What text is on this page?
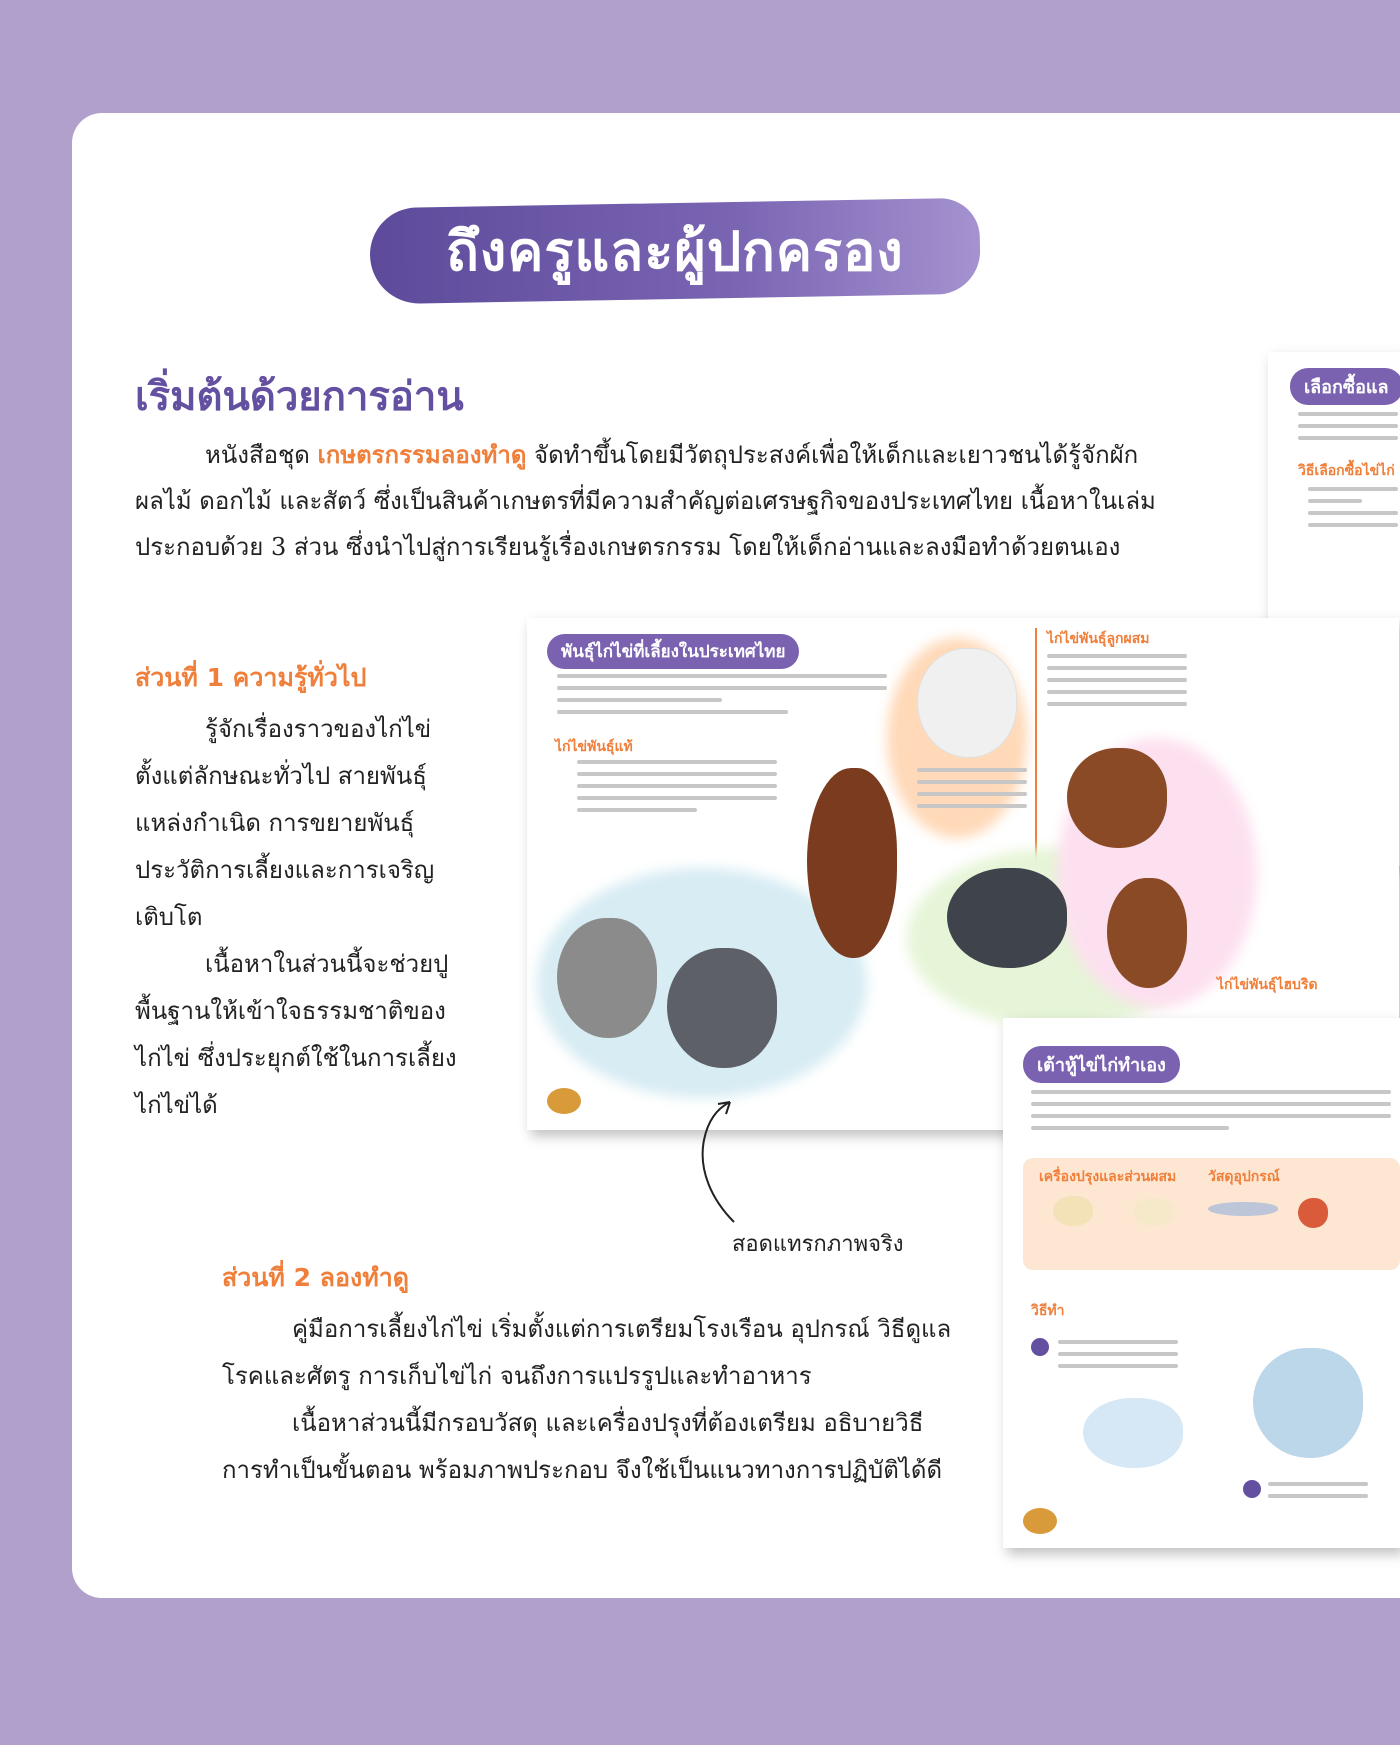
ถึงครูและผู้ปกครอง
เริ่มต้นด้วยการอ่าน
หนังสือชุด เกษตรกรรมลองทำดู จัดทำขึ้นโดยมีวัตถุประสงค์เพื่อให้เด็กและเยาวชนได้รู้จักผัก
ผลไม้ ดอกไม้ และสัตว์ ซึ่งเป็นสินค้าเกษตรที่มีความสำคัญต่อเศรษฐกิจของประเทศไทย เนื้อหาในเล่ม
ประกอบด้วย 3 ส่วน ซึ่งนำไปสู่การเรียนรู้เรื่องเกษตรกรรม โดยให้เด็กอ่านและลงมือทำด้วยตนเอง
ส่วนที่ 1 ความรู้ทั่วไป

รู้จักเรื่องราวของไก่ไข่ตั้งแต่ลักษณะทั่วไป สายพันธุ์ แหล่งกำเนิด การขยายพันธุ์ ประวัติการเลี้ยงและการเจริญเติบโต

เนื้อหาในส่วนนี้จะช่วยปูพื้นฐานให้เข้าใจธรรมชาติของไก่ไข่ ซึ่งประยุกต์ใช้ในการเลี้ยงไก่ไข่ได้

ส่วนที่ 2 ลองทำดู

คู่มือการเลี้ยงไก่ไข่ เริ่มตั้งแต่การเตรียมโรงเรือน อุปกรณ์ วิธีดูแลโรคและศัตรู การเก็บไข่ไก่ จนถึงการแปรรูปและทำอาหาร

เนื้อหาส่วนนี้มีกรอบวัสดุ และเครื่องปรุงที่ต้องเตรียม อธิบายวิธีการทำเป็นขั้นตอน พร้อมภาพประกอบ จึงใช้เป็นแนวทางการปฏิบัติได้ดี

เลือกซื้อแล
วิธีเลือกซื้อไข่ไก่
พันธุ์ไก่ไข่ที่เลี้ยงในประเทศไทย
ไก่ไข่พันธุ์แท้
ไก่ไข่พันธุ์ลูกผสม
ไก่ไข่พันธุ์ไฮบริด
เต้าหู้ไข่ไก่ทำเอง
เครื่องปรุงและส่วนผสม วัสดุอุปกรณ์
วิธีทำ
สอดแทรกภาพจริง
